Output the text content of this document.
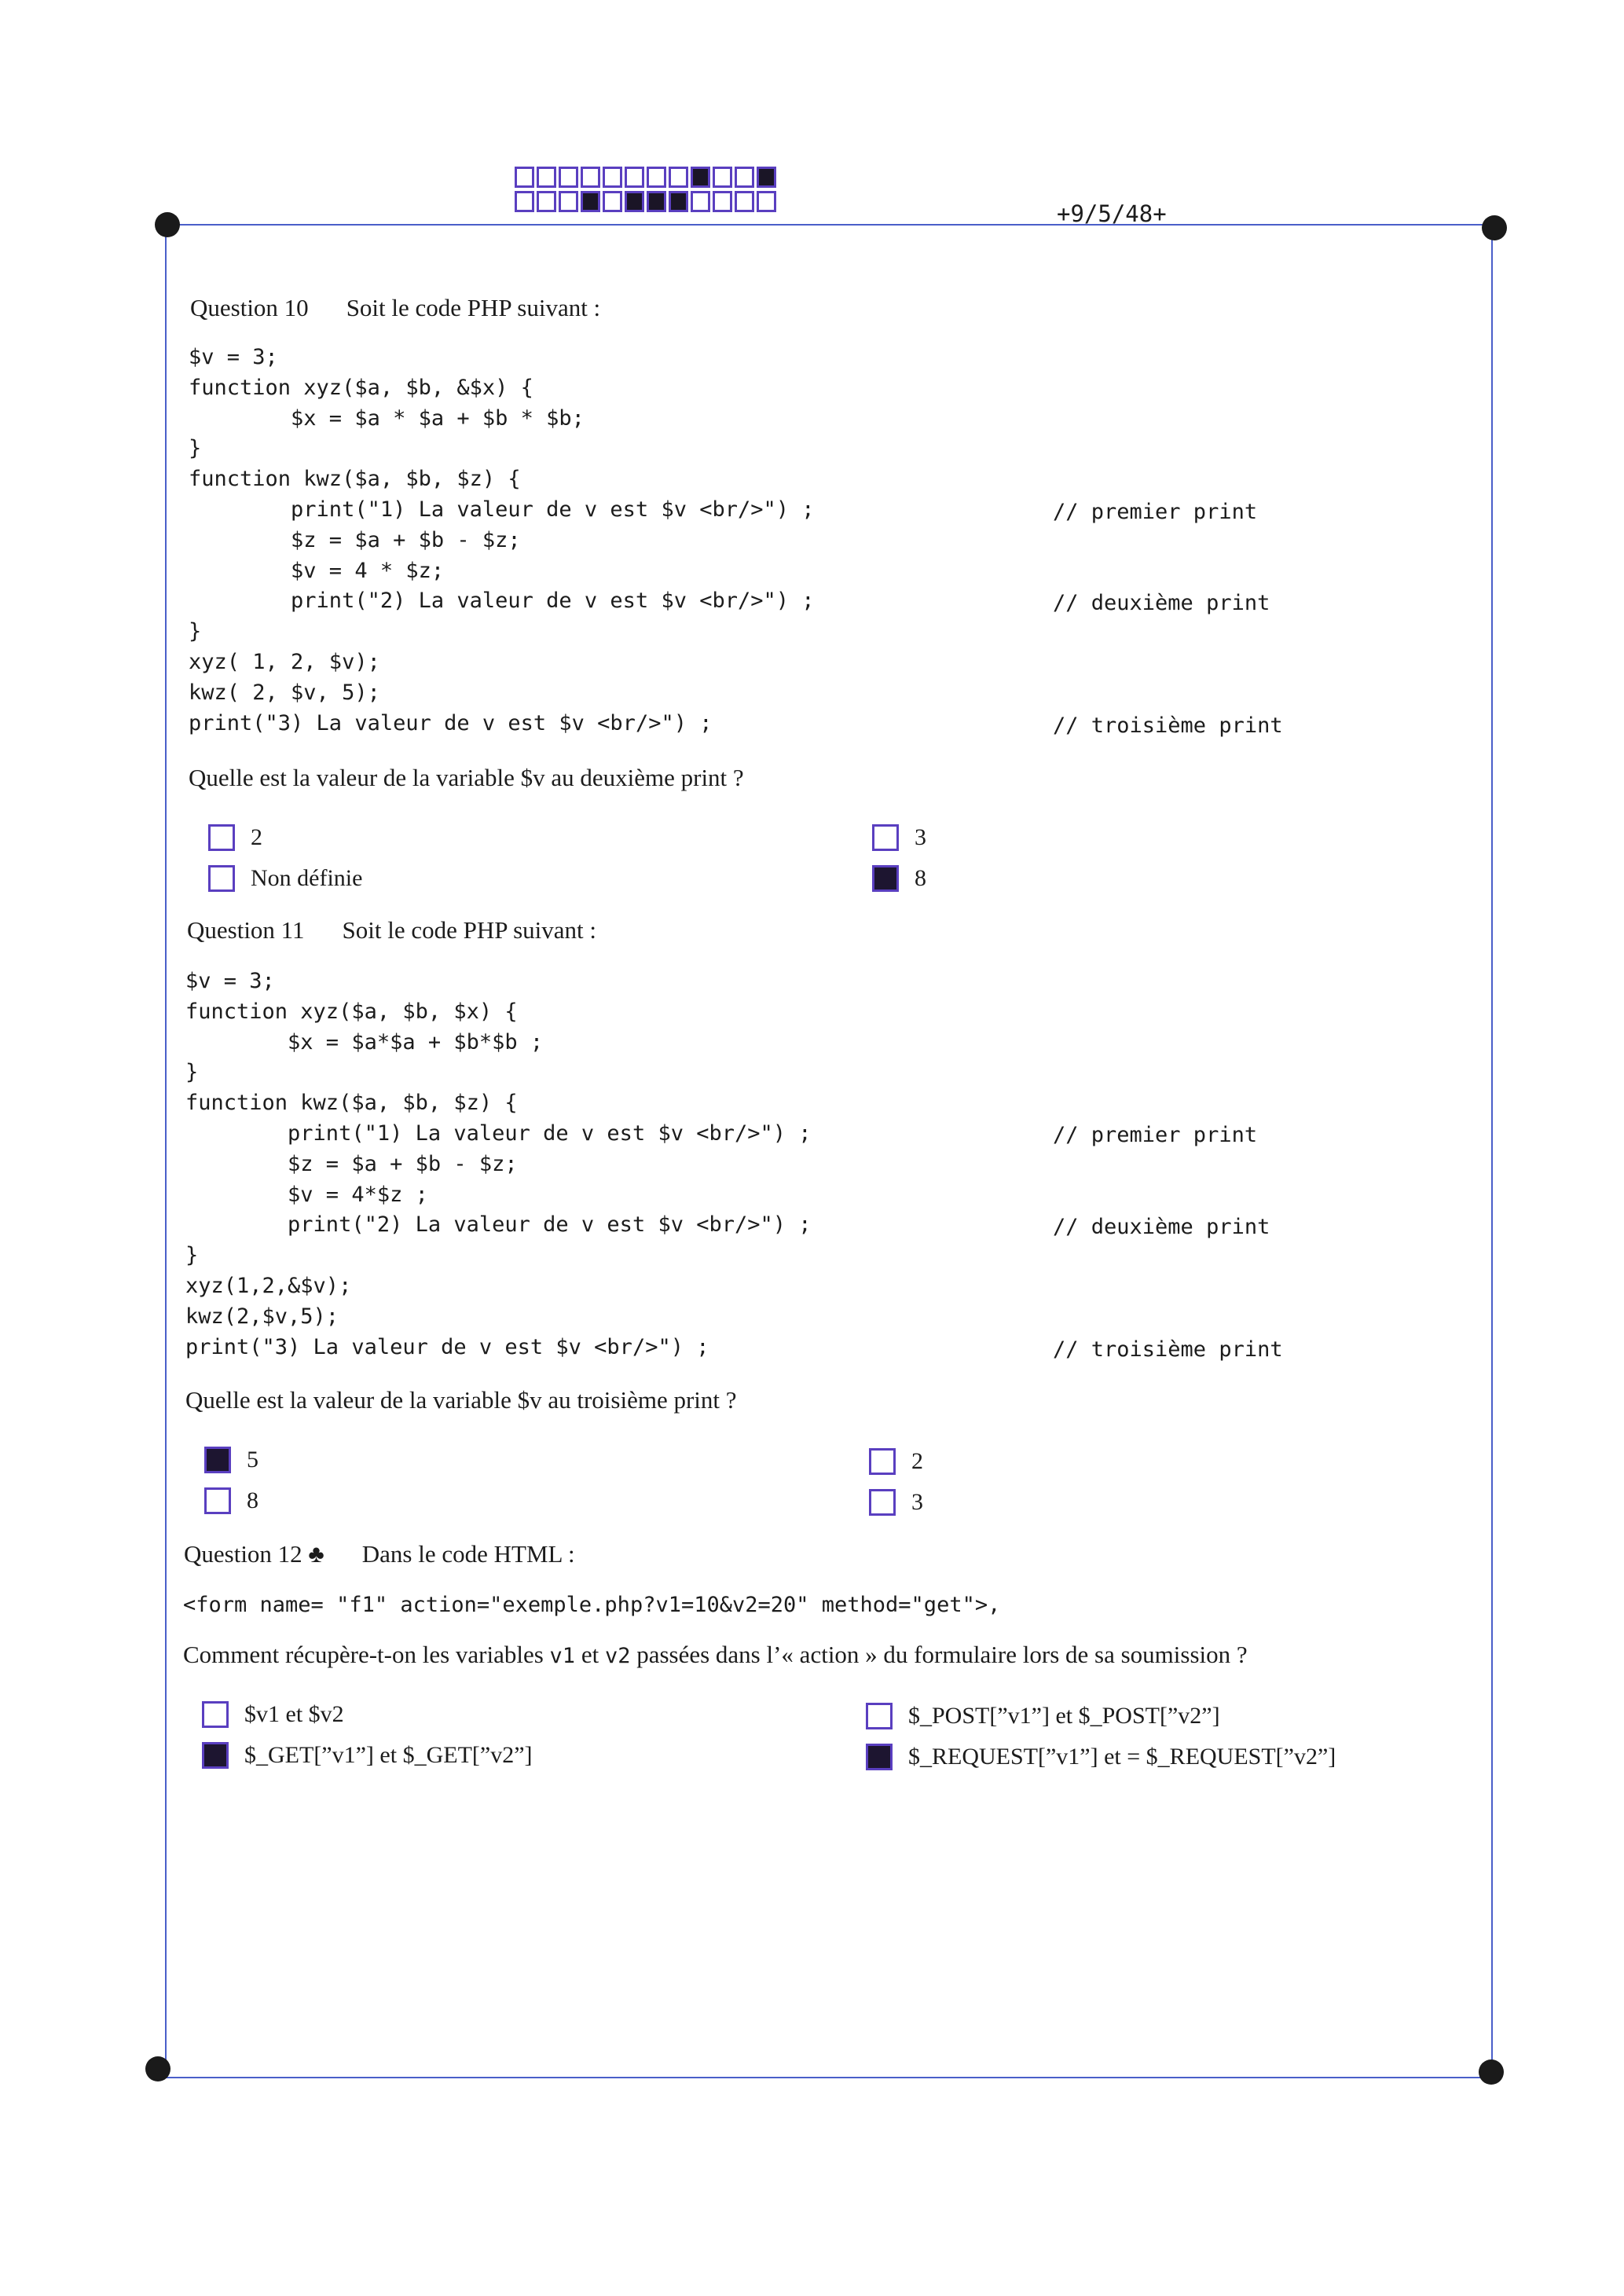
+9/5/48+
Question 10 Soit le code PHP suivant :
$v = 3;
function xyz($a, $b, &$x) {
$x = $a * $a + $b * $b;
}
function kwz($a, $b, $z) {
print("1) La valeur de v est $v <br/>") ;
$z = $a + $b - $z;
$v = 4 * $z;
print("2) La valeur de v est $v <br/>") ;
}
xyz( 1, 2, $v);
kwz( 2, $v, 5);
print("3) La valeur de v est $v <br/>") ;
// premier print
// deuxième print
// troisième print
Quelle est la valeur de la variable $v au deuxième print ?
2	3
Non définie	8
Question 11 Soit le code PHP suivant :
$v = 3;
function xyz($a, $b, $x) {
$x = $a*$a + $b*$b ;
}
function kwz($a, $b, $z) {
print("1) La valeur de v est $v <br/>") ;
$z = $a + $b - $z;
$v = 4*$z ;
print("2) La valeur de v est $v <br/>") ;
}
xyz(1,2,&$v);
kwz(2,$v,5);
print("3) La valeur de v est $v <br/>") ;
// premier print
// deuxième print
// troisième print
Quelle est la valeur de la variable $v au troisième print ?
5	2
8	3
Question 12 ♣ Dans le code HTML :
<form name= "f1" action="exemple.php?v1=10&v2=20" method="get">,
Comment récupère-t-on les variables v1 et v2 passées dans l’« action » du formulaire lors de sa soumission ?
$v1 et $v2	$_POST[”v1”] et $_POST[”v2”]
$_GET[”v1”] et $_GET[”v2”]	$_REQUEST[”v1”] et = $_REQUEST[”v2”]
